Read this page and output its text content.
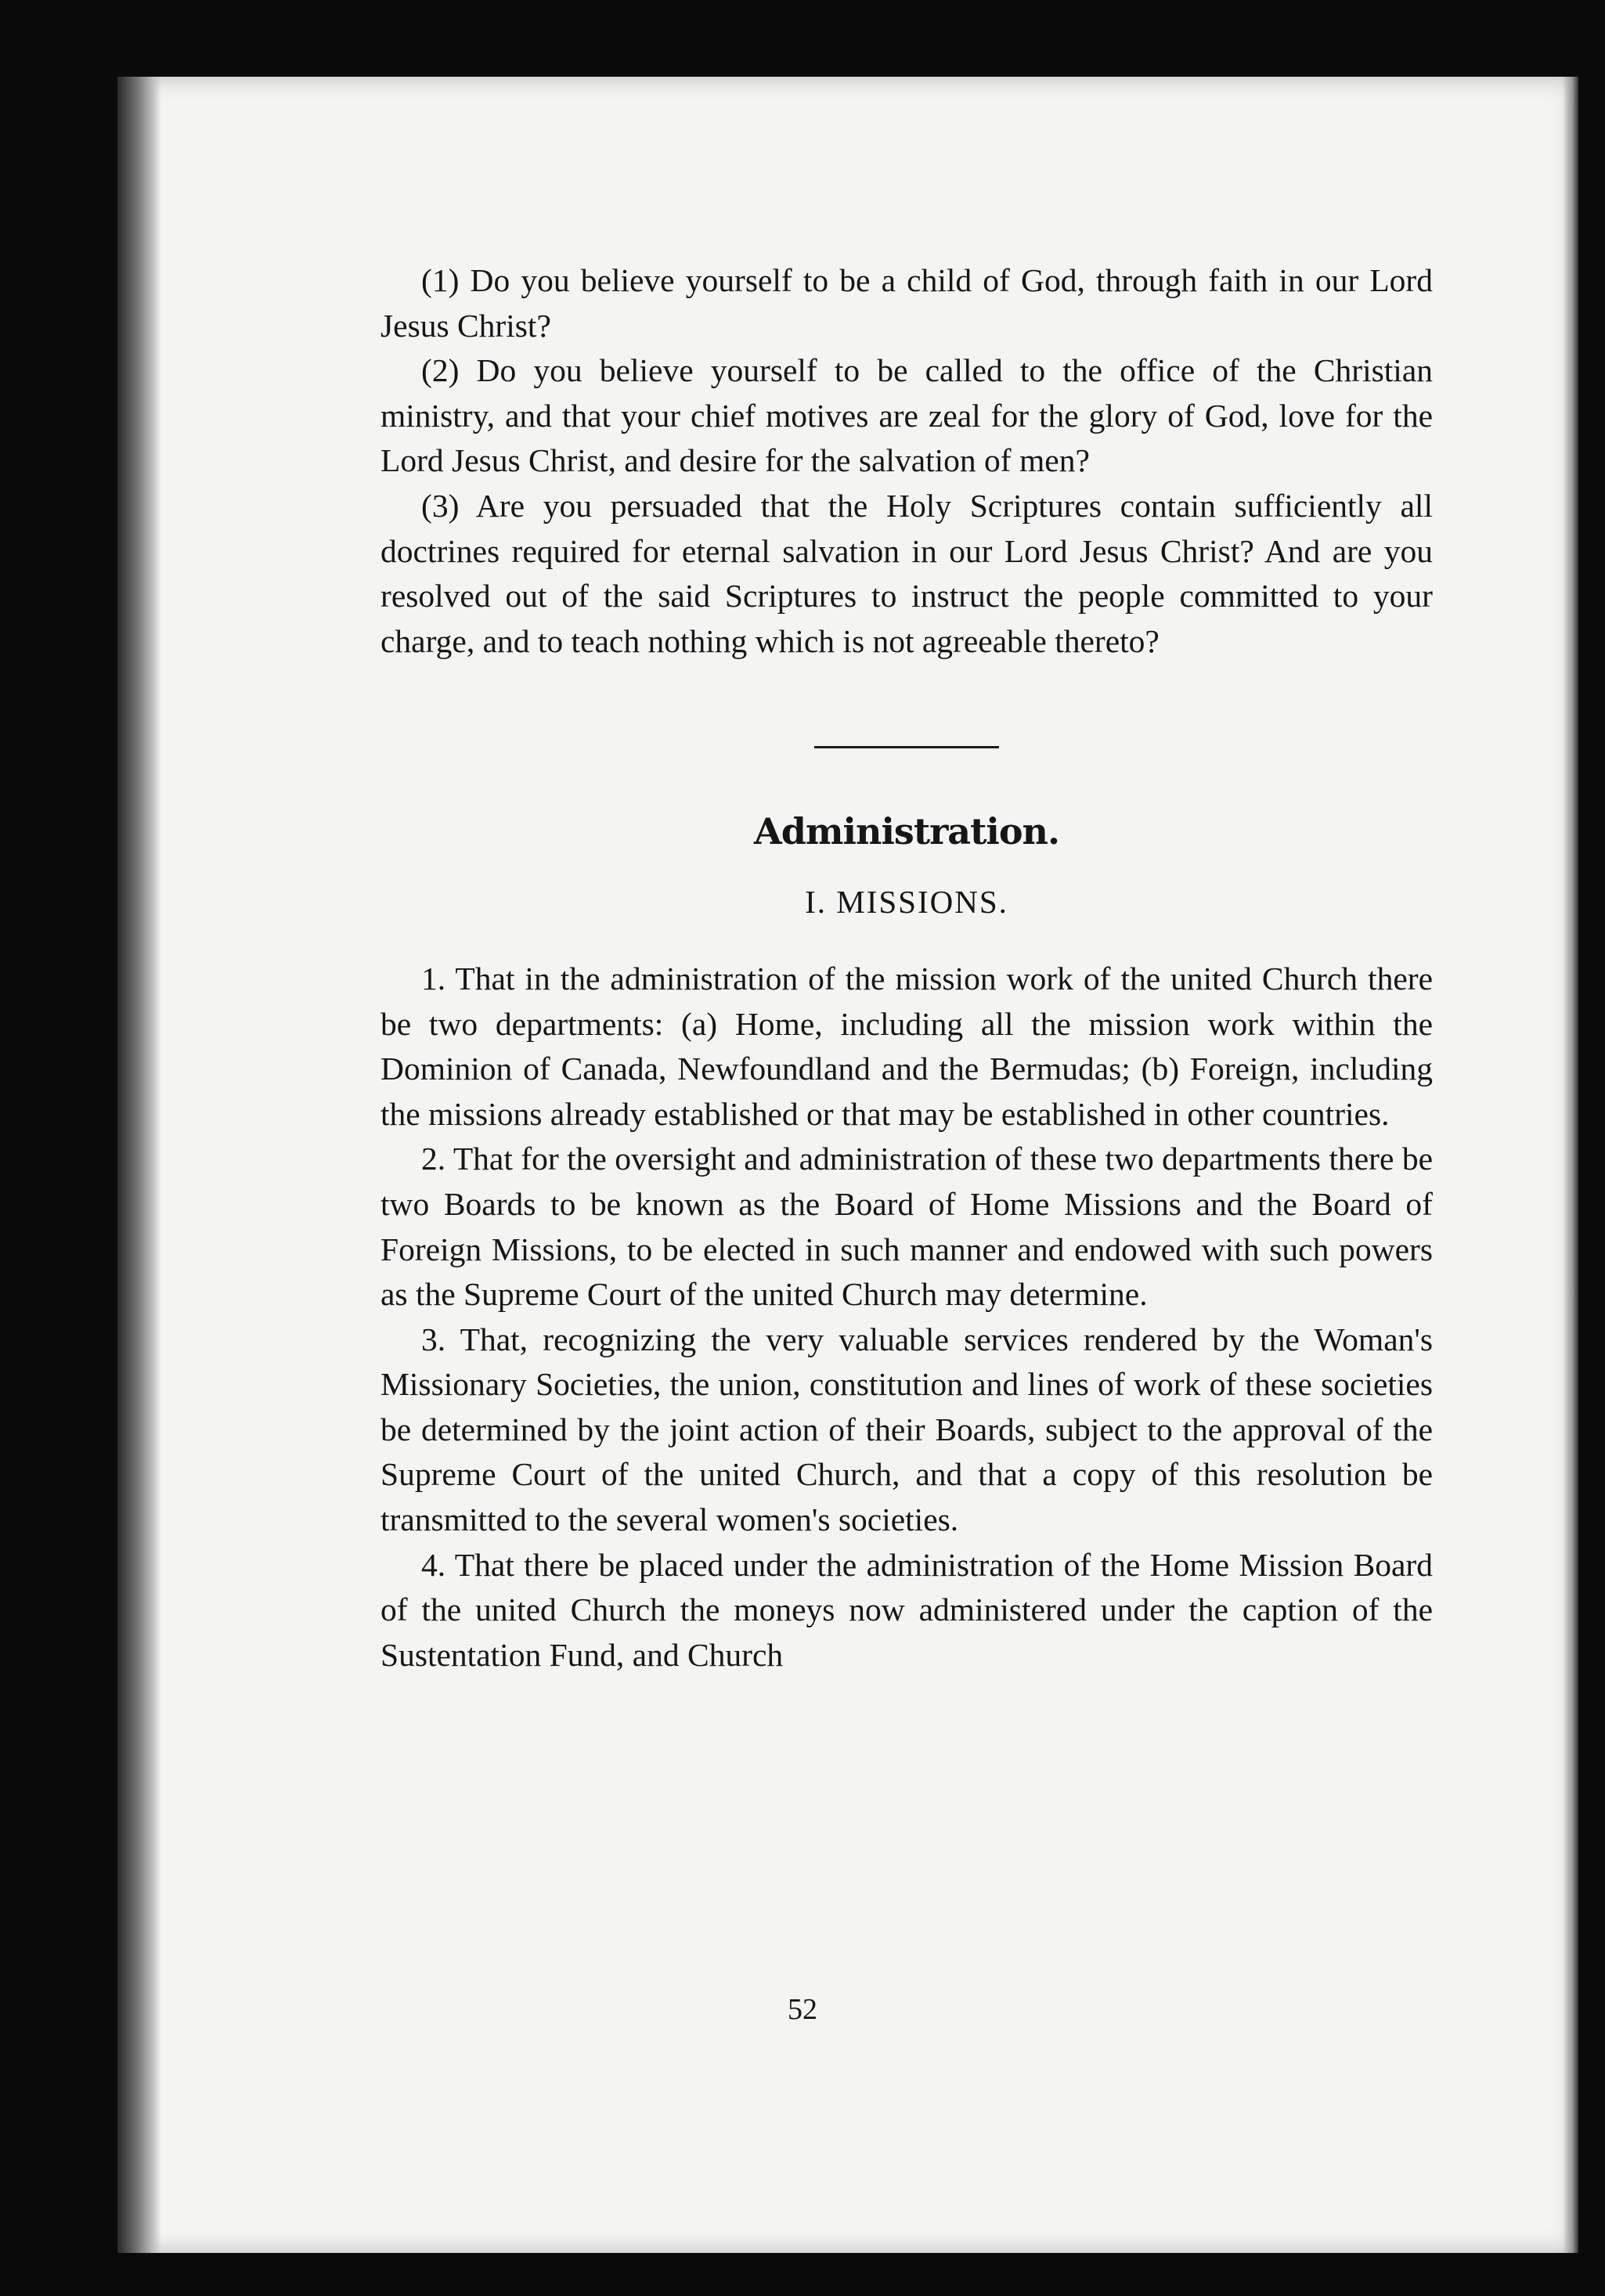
(1) Do you believe yourself to be a child of God, through faith in our Lord Jesus Christ?

(2) Do you believe yourself to be called to the office of the Christian ministry, and that your chief motives are zeal for the glory of God, love for the Lord Jesus Christ, and desire for the salvation of men?

(3) Are you persuaded that the Holy Scriptures contain sufficiently all doctrines required for eternal salvation in our Lord Jesus Christ? And are you resolved out of the said Scriptures to instruct the people committed to your charge, and to teach nothing which is not agreeable thereto?

Administration.

I. MISSIONS.

1. That in the administration of the mission work of the united Church there be two departments: (a) Home, including all the mission work within the Dominion of Canada, Newfoundland and the Bermudas; (b) Foreign, including the missions already established or that may be established in other countries.

2. That for the oversight and administration of these two departments there be two Boards to be known as the Board of Home Missions and the Board of Foreign Missions, to be elected in such manner and endowed with such powers as the Supreme Court of the united Church may determine.

3. That, recognizing the very valuable services rendered by the Woman's Missionary Societies, the union, constitution and lines of work of these societies be determined by the joint action of their Boards, subject to the approval of the Supreme Court of the united Church, and that a copy of this resolution be transmitted to the several women's societies.

4. That there be placed under the administration of the Home Mission Board of the united Church the moneys now administered under the caption of the Sustentation Fund, and Church

52
